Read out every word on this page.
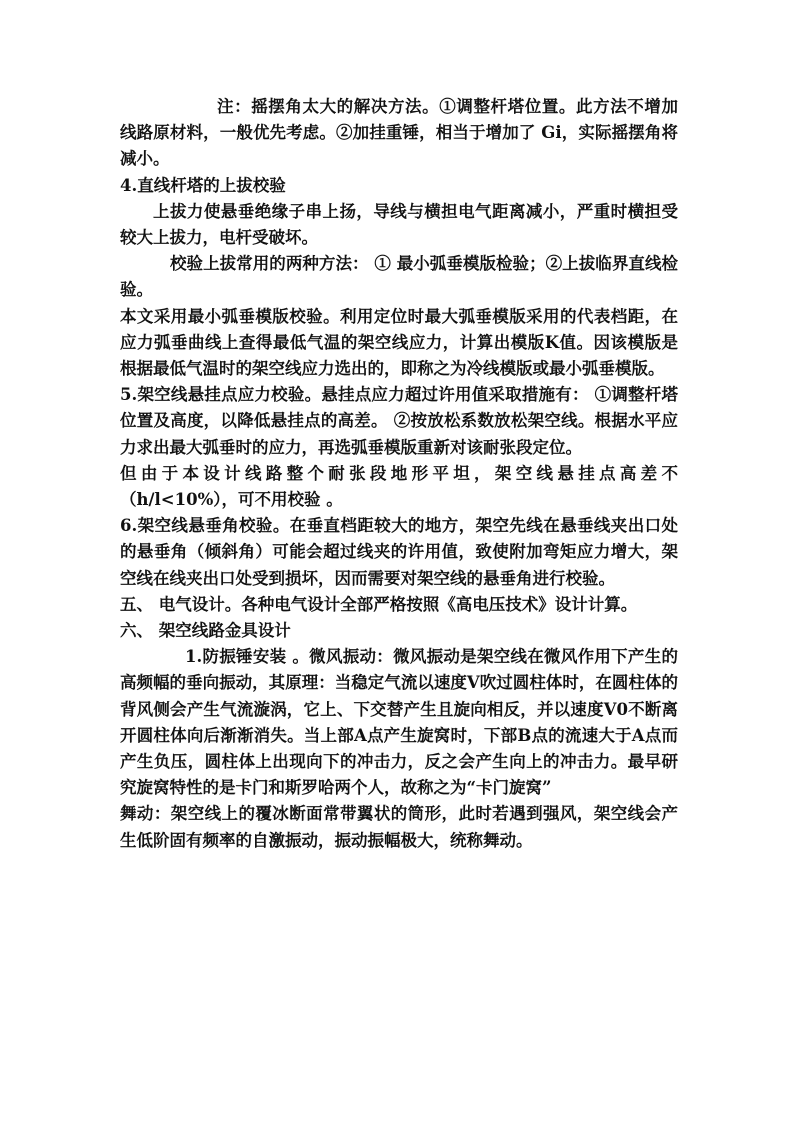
注：摇摆角太大的解决方法。①调整杆塔位置。此方法不增加线路原材料，一般优先考虑。②加挂重锤，相当于增加了 Gi，实际摇摆角将减小。

4.直线杆塔的上拔校验

上拔力使悬垂绝缘子串上扬，导线与横担电气距离减小，严重时横担受较大上拔力，电杆受破坏。

校验上拔常用的两种方法： ① 最小弧垂模版检验；②上拔临界直线检验。

本文采用最小弧垂模版校验。利用定位时最大弧垂模版采用的代表档距，在应力弧垂曲线上查得最低气温的架空线应力，计算出模版K值。因该模版是根据最低气温时的架空线应力选出的，即称之为冷线模版或最小弧垂模版。

5.架空线悬挂点应力校验。悬挂点应力超过许用值采取措施有： ①调整杆塔位置及高度，以降低悬挂点的高差。 ②按放松系数放松架空线。根据水平应力求出最大弧垂时的应力，再选弧垂模版重新对该耐张段定位。

但由于本设计线路整个耐张段地形平坦，架空线悬挂点高差不（h/l<10%），可不用校验 。

6.架空线悬垂角校验。在垂直档距较大的地方，架空先线在悬垂线夹出口处的悬垂角（倾斜角）可能会超过线夹的许用值，致使附加弯矩应力增大，架空线在线夹出口处受到损坏，因而需要对架空线的悬垂角进行校验。

五、 电气设计。各种电气设计全部严格按照《高电压技术》设计计算。

六、 架空线路金具设计

1.防振锤安装 。微风振动：微风振动是架空线在微风作用下产生的高频幅的垂向振动，其原理：当稳定气流以速度V吹过圆柱体时，在圆柱体的背风侧会产生气流漩涡，它上、下交替产生且旋向相反，并以速度V0不断离开圆柱体向后渐渐消失。当上部A点产生旋窝时，下部B点的流速大于A点而产生负压，圆柱体上出现向下的冲击力，反之会产生向上的冲击力。最早研究旋窝特性的是卡门和斯罗哈两个人，故称之为“卡门旋窝”

舞动：架空线上的覆冰断面常带翼状的筒形，此时若遇到强风，架空线会产生低阶固有频率的自激振动，振动振幅极大，统称舞动。
